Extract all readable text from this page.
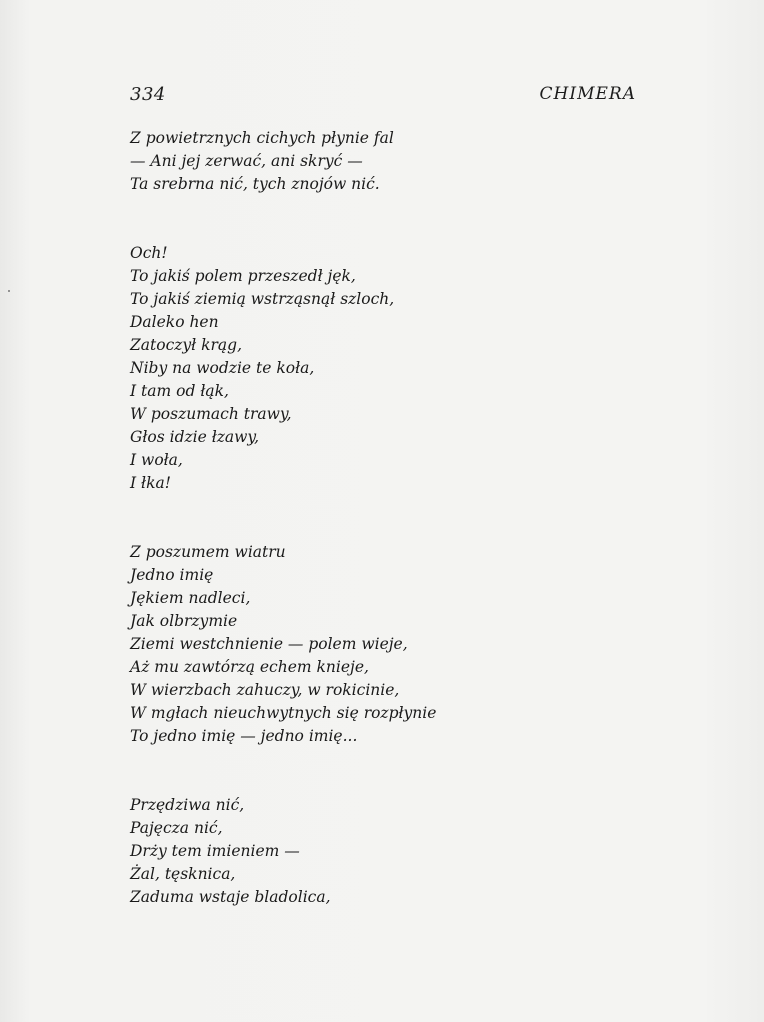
334	CHIMERA
Z powietrznych cichych płynie fal
— Ani jej zerwać, ani skryć —
Ta srebrna nić, tych znojów nić.
Och!
To jakiś polem przeszedł jęk,
To jakiś ziemią wstrząsnął szloch,
Daleko hen
Zatoczył krąg,
Niby na wodzie te koła,
I tam od łąk,
W poszumach trawy,
Głos idzie łzawy,
I woła,
I łka!
Z poszumem wiatru
Jedno imię
Jękiem nadleci,
Jak olbrzymie
Ziemi westchnienie — polem wieje,
Aż mu zawtórzą echem knieje,
W wierzbach zahuczy, w rokicinie,
W mgłach nieuchwytnych się rozpłynie
To jedno imię — jedno imię...
Przędziwa nić,
Pajęcza nić,
Drży tem imieniem —
Żal, tęsknica,
Zaduma wstaje bladolica,
